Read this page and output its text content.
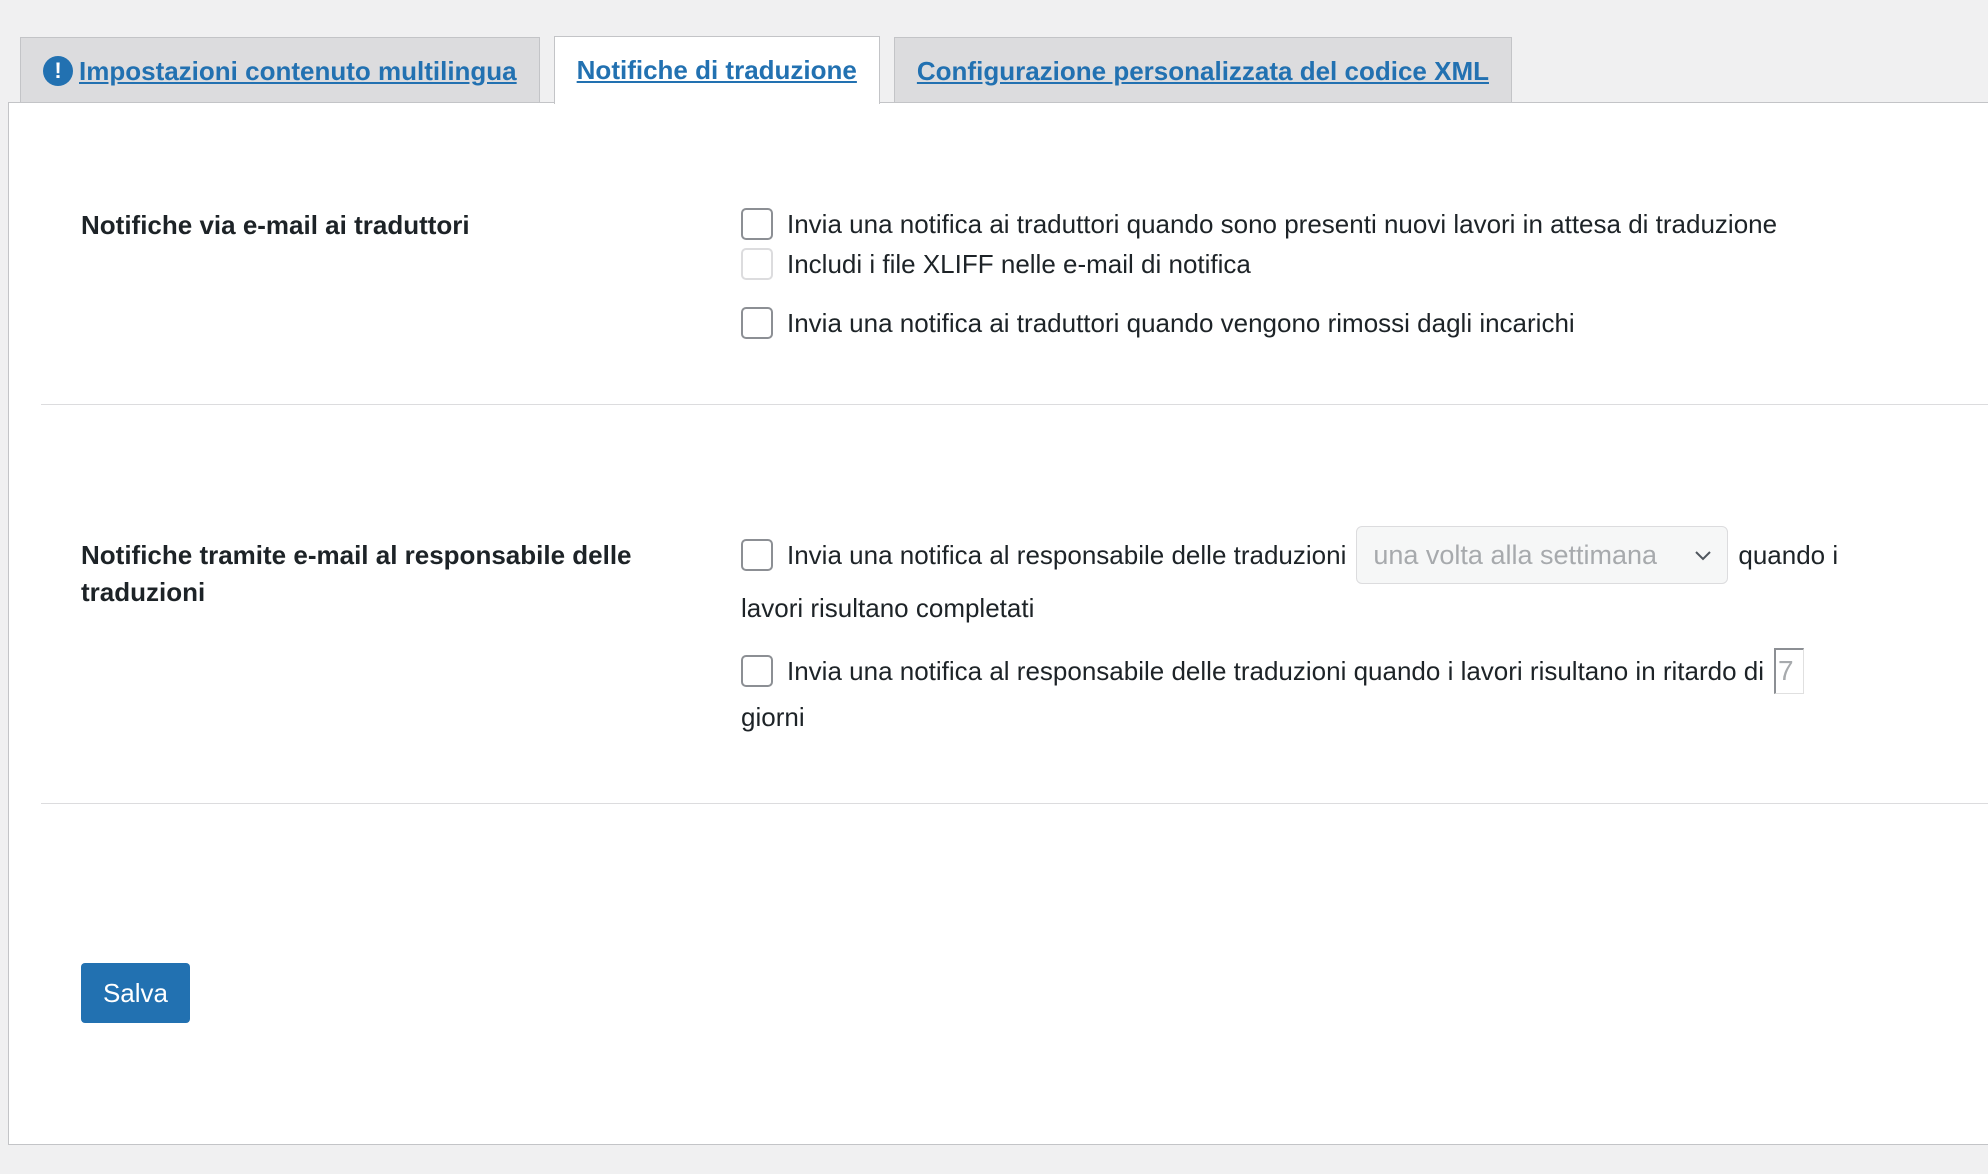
! Impostazioni contenuto multilingua Notifiche di traduzione Configurazione personalizzata del codice XML
Notifiche via e-mail ai traduttori	Invia una notifica ai traduttori quando sono presenti nuovi lavori in attesa di traduzione
Includi i file XLIFF nelle e-mail di notifica
Invia una notifica ai traduttori quando vengono rimossi dagli incarichi
Notifiche tramite e-mail al responsabile delle traduzioni
Invia una notifica al responsabile delle traduzioni una volta alla settimana	quando i
lavori risultano completati
Invia una notifica al responsabile delle traduzioni quando i lavori risultano in ritardo di 7
giorni
Salva
